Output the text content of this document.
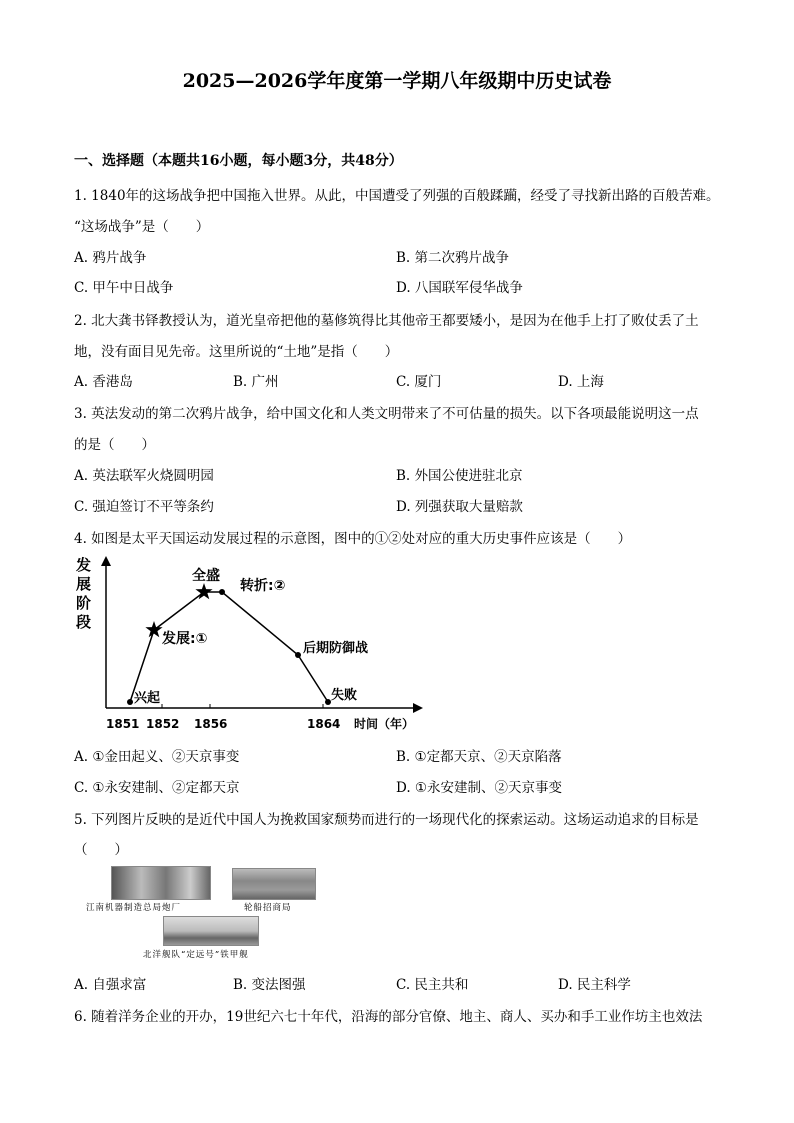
2025—2026学年度第一学期八年级期中历史试卷
一、选择题（本题共16小题，每小题3分，共48分）
1. 1840年的这场战争把中国拖入世界。从此，中国遭受了列强的百般蹂躏，经受了寻找新出路的百般苦难。
“这场战争”是（　　）
A. 鸦片战争	B. 第二次鸦片战争
C. 甲午中日战争	D. 八国联军侵华战争
2. 北大龚书铎教授认为，道光皇帝把他的墓修筑得比其他帝王都要矮小，是因为在他手上打了败仗丢了土
地，没有面目见先帝。这里所说的“土地”是指（　　）
A. 香港岛	B. 广州	C. 厦门	D. 上海
3. 英法发动的第二次鸦片战争，给中国文化和人类文明带来了不可估量的损失。以下各项最能说明这一点
的是（　　）
A. 英法联军火烧圆明园	B. 外国公使进驻北京
C. 强迫签订不平等条约	D. 列强获取大量赔款
4. 如图是太平天国运动发展过程的示意图，图中的①②处对应的重大历史事件应该是（　　）
发展阶段
1851 1852 1856	1864 时间（年）
兴起
发展:①
全盛
转折:②
后期防御战
失败
A. ①金田起义、②天京事变	B. ①定都天京、②天京陷落
C. ①永安建制、②定都天京	D. ①永安建制、②天京事变
5. 下列图片反映的是近代中国人为挽救国家颓势而进行的一场现代化的探索运动。这场运动追求的目标是
（　　）
江南机器制造总局炮厂	轮船招商局
北洋舰队“定远号”铁甲舰
A. 自强求富	B. 变法图强	C. 民主共和	D. 民主科学
6. 随着洋务企业的开办，19世纪六七十年代，沿海的部分官僚、地主、商人、买办和手工业作坊主也效法
